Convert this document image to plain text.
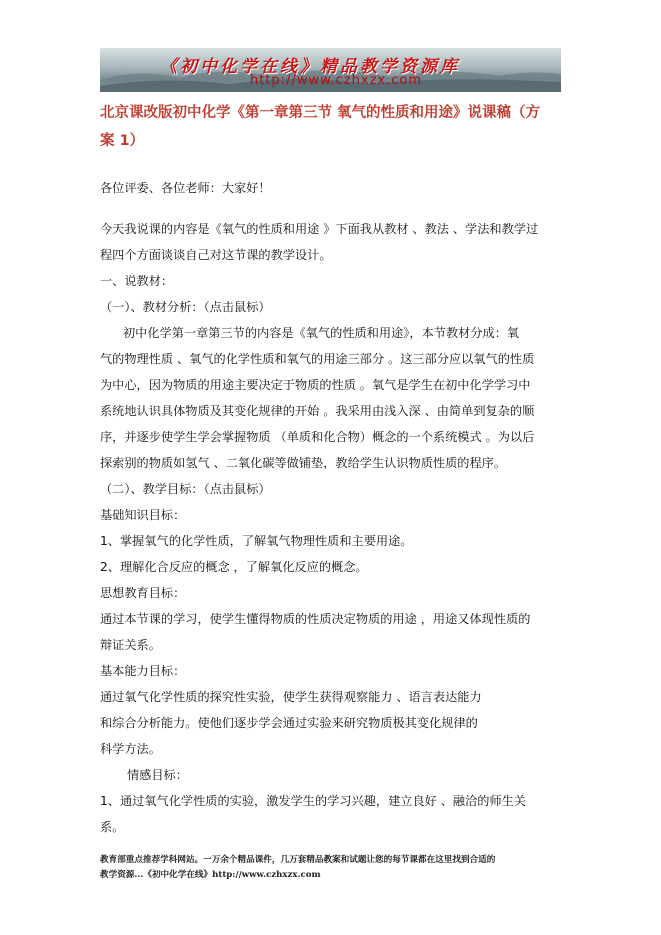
《初中化学在线》精品教学资源库
http://www.czhxzx.com
北京课改版初中化学《第一章第三节 氧气的性质和用途》说课稿（方
案 1）
各位评委、各位老师：大家好！
今天我说课的内容是《氧气的性质和用途 》下面我从教材 、教法 、学法和教学过
程四个方面谈谈自己对这节课的教学设计。
一、说教材：
（一）、教材分析：（点击鼠标）
初中化学第一章第三节的内容是《氧气的性质和用途》，本节教材分成：氧
气的物理性质 、氧气的化学性质和氧气的用途三部分 。这三部分应以氧气的性质
为中心，因为物质的用途主要决定于物质的性质 。氧气是学生在初中化学学习中
系统地认识具体物质及其变化规律的开始 。我采用由浅入深 、由简单到复杂的顺
序，并逐步使学生学会掌握物质 （单质和化合物）概念的一个系统模式 。为以后
探索别的物质如氢气 、二氧化碳等做铺垫，教给学生认识物质性质的程序。
（二）、教学目标：（点击鼠标）
基础知识目标：
1、掌握氧气的化学性质，了解氧气物理性质和主要用途。
2、理解化合反应的概念 ，了解氧化反应的概念。
思想教育目标：
通过本节课的学习，使学生懂得物质的性质决定物质的用途 ，用途又体现性质的
辩证关系。
基本能力目标：
通过氧气化学性质的探究性实验，使学生获得观察能力 、语言表达能力
和综合分析能力。使他们逐步学会通过实验来研究物质极其变化规律的
科学方法。
情感目标：
1、通过氧气化学性质的实验，激发学生的学习兴趣，建立良好 、融洽的师生关
系。
教育部重点推荐学科网站。一万余个精品课件，几万套精品教案和试题让您的每节课都在这里找到合适的
教学资源...《初中化学在线》http://www.czhxzx.com
